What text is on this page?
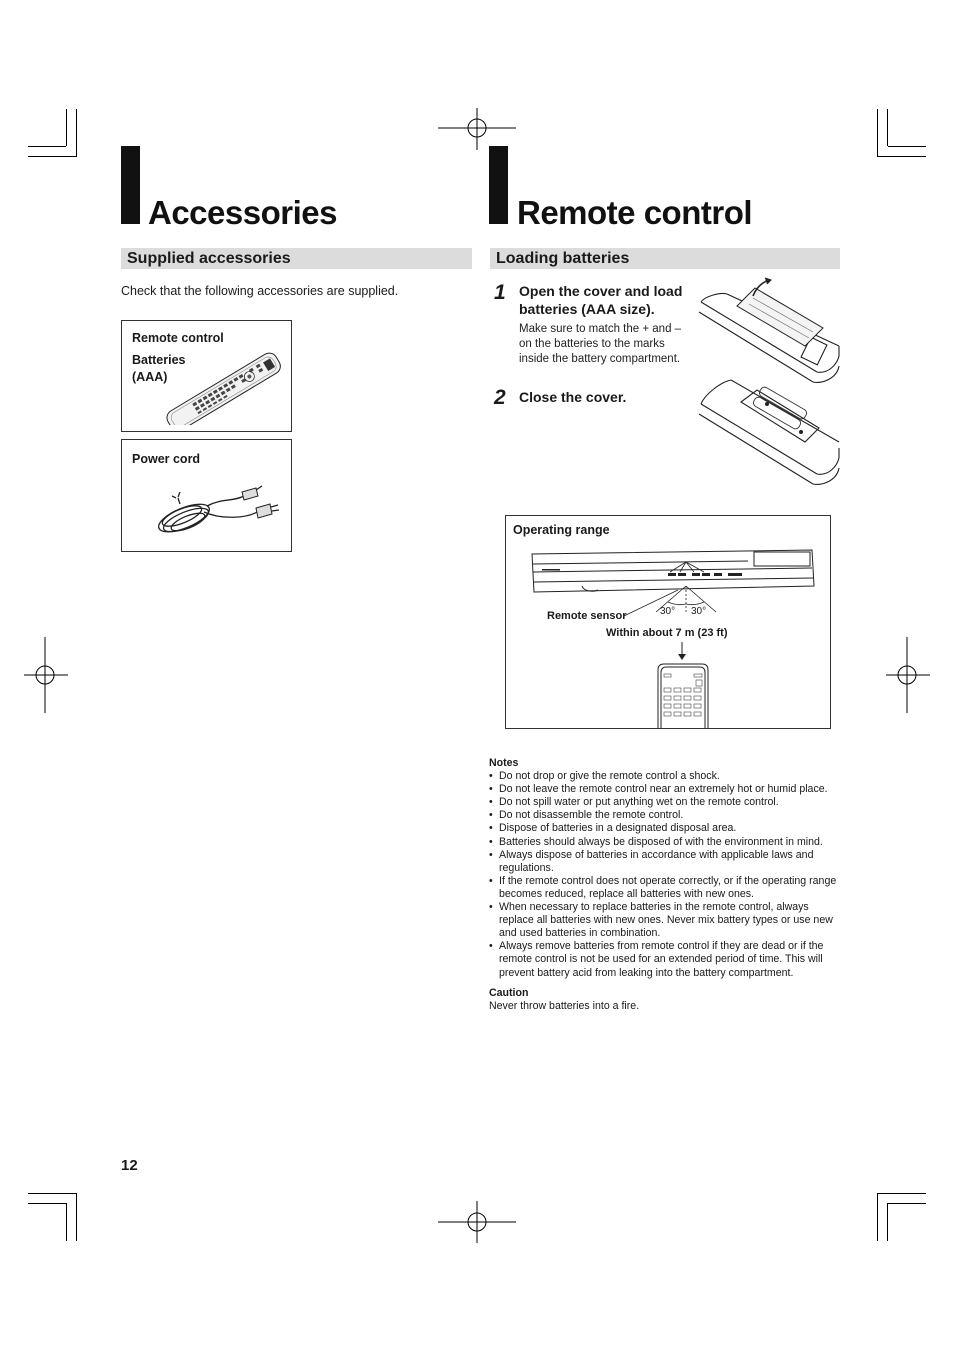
Accessories
Supplied accessories
Check that the following accessories are supplied.
Remote control
Batteries
(AAA)
Power cord
12
Remote control
Loading batteries
1 Open the cover and load batteries (AAA size).
Make sure to match the + and – on the batteries to the marks inside the battery compartment.
2 Close the cover.
Operating range
Remote sensor	30° 30°
Within about 7 m (23 ft)
Notes
• Do not drop or give the remote control a shock.
• Do not leave the remote control near an extremely hot or humid place.
• Do not spill water or put anything wet on the remote control.
• Do not disassemble the remote control.
• Dispose of batteries in a designated disposal area.
• Batteries should always be disposed of with the environment in mind.
• Always dispose of batteries in accordance with applicable laws and regulations.
• If the remote control does not operate correctly, or if the operating range becomes reduced, replace all batteries with new ones.
• When necessary to replace batteries in the remote control, always replace all batteries with new ones. Never mix battery types or use new and used batteries in combination.
• Always remove batteries from remote control if they are dead or if the remote control is not be used for an extended period of time. This will prevent battery acid from leaking into the battery compartment.
Caution
Never throw batteries into a fire.
